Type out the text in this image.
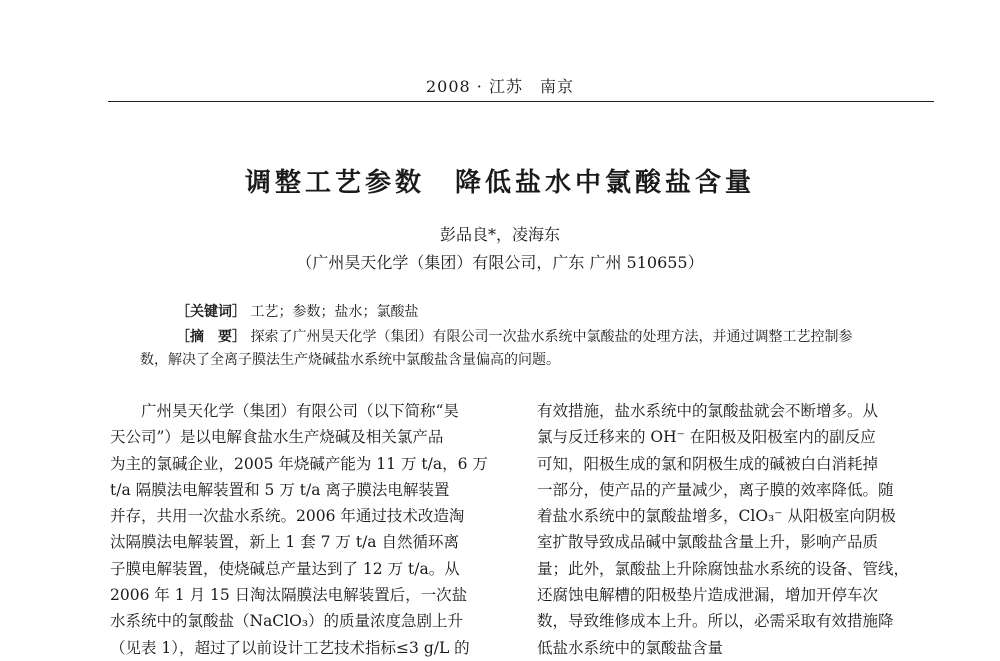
2008 · 江苏　南京
调整工艺参数　降低盐水中氯酸盐含量
彭品良*，凌海东
（广州昊天化学（集团）有限公司，广东 广州 510655）
［关键词］ 工艺；参数；盐水；氯酸盐
［摘　要］ 探索了广州昊天化学（集团）有限公司一次盐水系统中氯酸盐的处理方法，并通过调整工艺控制参
数，解决了全离子膜法生产烧碱盐水系统中氯酸盐含量偏高的问题。
广州昊天化学（集团）有限公司（以下简称“昊
天公司”）是以电解食盐水生产烧碱及相关氯产品
为主的氯碱企业，2005 年烧碱产能为 11 万 t/a，6 万
t/a 隔膜法电解装置和 5 万 t/a 离子膜法电解装置
并存，共用一次盐水系统。2006 年通过技术改造淘
汰隔膜法电解装置，新上 1 套 7 万 t/a 自然循环离
子膜电解装置，使烧碱总产量达到了 12 万 t/a。从
2006 年 1 月 15 日淘汰隔膜法电解装置后，一次盐
水系统中的氯酸盐（NaClO₃）的质量浓度急剧上升
（见表 1），超过了以前设计工艺技术指标≤3 g/L 的
有效措施，盐水系统中的氯酸盐就会不断增多。从
氯与反迁移来的 OH⁻ 在阳极及阳极室内的副反应
可知，阳极生成的氯和阴极生成的碱被白白消耗掉
一部分，使产品的产量减少，离子膜的效率降低。随
着盐水系统中的氯酸盐增多，ClO₃⁻ 从阳极室向阴极
室扩散导致成品碱中氯酸盐含量上升，影响产品质
量；此外，氯酸盐上升除腐蚀盐水系统的设备、管线，
还腐蚀电解槽的阳极垫片造成泄漏，增加开停车次
数，导致维修成本上升。所以，必需采取有效措施降
低盐水系统中的氯酸盐含量
